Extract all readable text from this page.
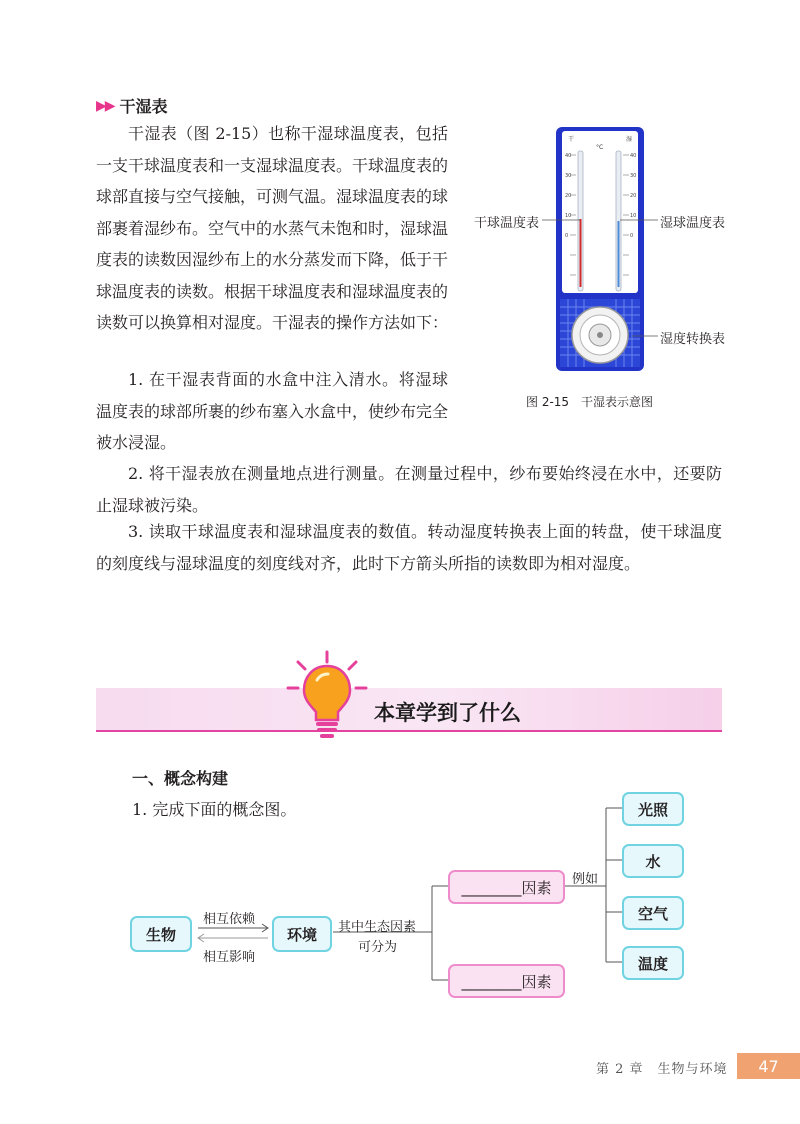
▶▶ 干湿表
干湿表（图 2-15）也称干湿球温度表，包括一支干球温度表和一支湿球温度表。干球温度表的球部直接与空气接触，可测气温。湿球温度表的球部裹着湿纱布。空气中的水蒸气未饱和时，湿球温度表的读数因湿纱布上的水分蒸发而下降，低于干球温度表的读数。根据干球温度表和湿球温度表的读数可以换算相对湿度。干湿表的操作方法如下：
1. 在干湿表背面的水盒中注入清水。将湿球温度表的球部所裹的纱布塞入水盒中，使纱布完全被水浸湿。
2. 将干湿表放在测量地点进行测量。在测量过程中，纱布要始终浸在水中，还要防止湿球被污染。
3. 读取干球温度表和湿球温度表的数值。转动湿度转换表上面的转盘，使干球温度的刻度线与湿球温度的刻度线对齐，此时下方箭头所指的读数即为相对湿度。
干	湿
°C
40
30
20
10
0
40
30
20
10
0
干球温度表	湿球温度表
湿度转换表
图 2-15　干湿表示意图
本章学到了什么
一、概念构建
1. 完成下面的概念图。
生物	环境
________因素
________因素
光照
水
空气
温度
相互依赖
相互影响
其中生态因素
可分为
例如
第 2 章　生物与环境	47
